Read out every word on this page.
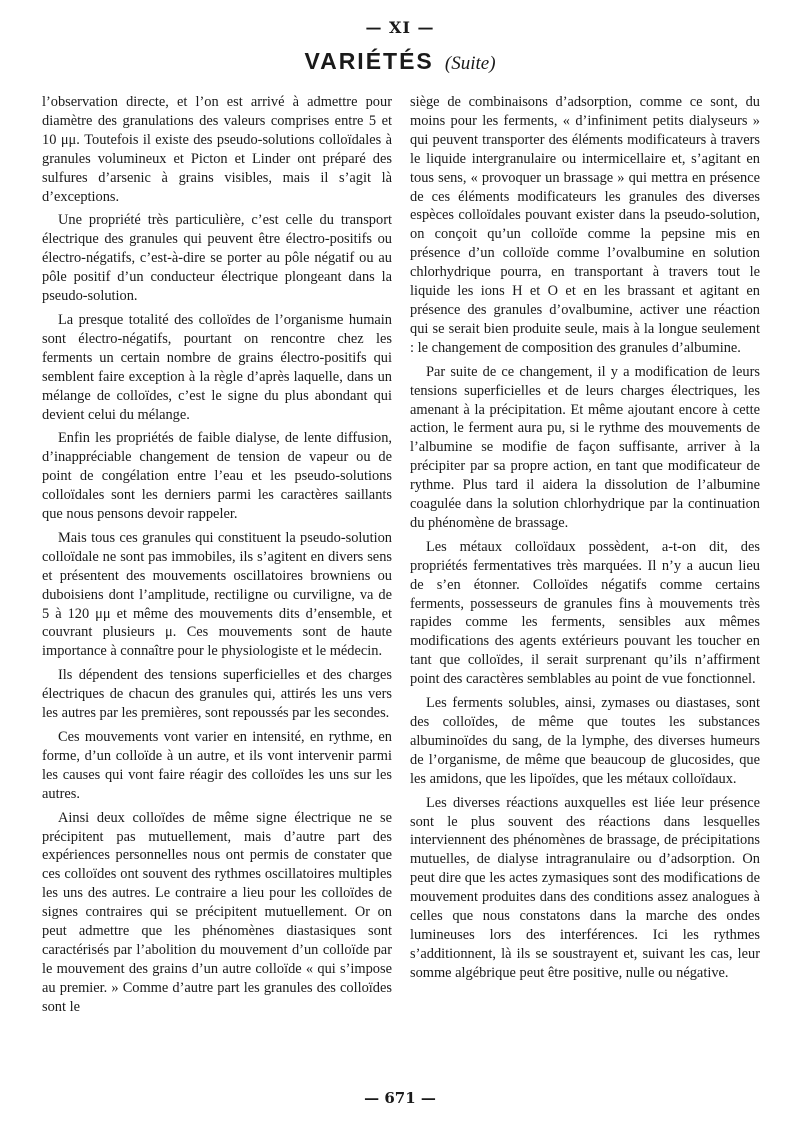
— XI —
VARIÉTÉS (Suite)

l’observation directe, et l’on est arrivé à admettre pour diamètre des granulations des valeurs comprises entre 5 et 10 μμ. Toutefois il existe des pseudo-solutions colloïdales à granules volumineux et Picton et Linder ont préparé des sulfures d’arsenic à grains visibles, mais il s’agit là d’exceptions.

Une propriété très particulière, c’est celle du transport électrique des granules qui peuvent être électro-positifs ou électro-négatifs, c’est-à-dire se porter au pôle négatif ou au pôle positif d’un conducteur électrique plongeant dans la pseudo-solution.

La presque totalité des colloïdes de l’organisme humain sont électro-négatifs, pourtant on rencontre chez les ferments un certain nombre de grains électro-positifs qui semblent faire exception à la règle d’après laquelle, dans un mélange de colloïdes, c’est le signe du plus abondant qui devient celui du mélange.

Enfin les propriétés de faible dialyse, de lente diffusion, d’inappréciable changement de tension de vapeur ou de point de congélation entre l’eau et les pseudo-solutions colloïdales sont les derniers parmi les caractères saillants que nous pensons devoir rappeler.

Mais tous ces granules qui constituent la pseudo-solution colloïdale ne sont pas immobiles, ils s’agitent en divers sens et présentent des mouvements oscillatoires browniens ou duboisiens dont l’amplitude, rectiligne ou curviligne, va de 5 à 120 μμ et même des mouvements dits d’ensemble, et couvrant plusieurs μ. Ces mouvements sont de haute importance à connaître pour le physiologiste et le médecin.

Ils dépendent des tensions superficielles et des charges électriques de chacun des granules qui, attirés les uns vers les autres par les premières, sont repoussés par les secondes.

Ces mouvements vont varier en intensité, en rythme, en forme, d’un colloïde à un autre, et ils vont intervenir parmi les causes qui vont faire réagir des colloïdes les uns sur les autres.

Ainsi deux colloïdes de même signe électrique ne se précipitent pas mutuellement, mais d’autre part des expériences personnelles nous ont permis de constater que ces colloïdes ont souvent des rythmes oscillatoires multiples les uns des autres. Le contraire a lieu pour les colloïdes de signes contraires qui se précipitent mutuellement. Or on peut admettre que les phénomènes diastasiques sont caractérisés par l’abolition du mouvement d’un colloïde par le mouvement des grains d’un autre colloïde « qui s’impose au premier. » Comme d’autre part les granules des colloïdes sont le

siège de combinaisons d’adsorption, comme ce sont, du moins pour les ferments, « d’infiniment petits dialyseurs » qui peuvent transporter des éléments modificateurs à travers le liquide intergranulaire ou intermicellaire et, s’agitant en tous sens, « provoquer un brassage » qui mettra en présence de ces éléments modificateurs les granules des diverses espèces colloïdales pouvant exister dans la pseudo-solution, on conçoit qu’un colloïde comme la pepsine mis en présence d’un colloïde comme l’ovalbumine en solution chlorhydrique pourra, en transportant à travers tout le liquide les ions H et O et en les brassant et agitant en présence des granules d’ovalbumine, activer une réaction qui se serait bien produite seule, mais à la longue seulement : le changement de composition des granules d’albumine.

Par suite de ce changement, il y a modification de leurs tensions superficielles et de leurs charges électriques, les amenant à la précipitation. Et même ajoutant encore à cette action, le ferment aura pu, si le rythme des mouvements de l’albumine se modifie de façon suffisante, arriver à la précipiter par sa propre action, en tant que modificateur de rythme. Plus tard il aidera la dissolution de l’albumine coagulée dans la solution chlorhydrique par la continuation du phénomène de brassage.

Les métaux colloïdaux possèdent, a-t-on dit, des propriétés fermentatives très marquées. Il n’y a aucun lieu de s’en étonner. Colloïdes négatifs comme certains ferments, possesseurs de granules fins à mouvements très rapides comme les ferments, sensibles aux mêmes modifications des agents extérieurs pouvant les toucher en tant que colloïdes, il serait surprenant qu’ils n’affirment point des caractères semblables au point de vue fonctionnel.

Les ferments solubles, ainsi, zymases ou diastases, sont des colloïdes, de même que toutes les substances albuminoïdes du sang, de la lymphe, des diverses humeurs de l’organisme, de même que beaucoup de glucosides, que les amidons, que les lipoïdes, que les métaux colloïdaux.

Les diverses réactions auxquelles est liée leur présence sont le plus souvent des réactions dans lesquelles interviennent des phénomènes de brassage, de précipitations mutuelles, de dialyse intragranulaire ou d’adsorption. On peut dire que les actes zymasiques sont des modifications de mouvement produites dans des conditions assez analogues à celles que nous constatons dans la marche des ondes lumineuses lors des interférences. Ici les rythmes s’additionnent, là ils se soustrayent et, suivant les cas, leur somme algébrique peut être positive, nulle ou négative.

— 671 —
